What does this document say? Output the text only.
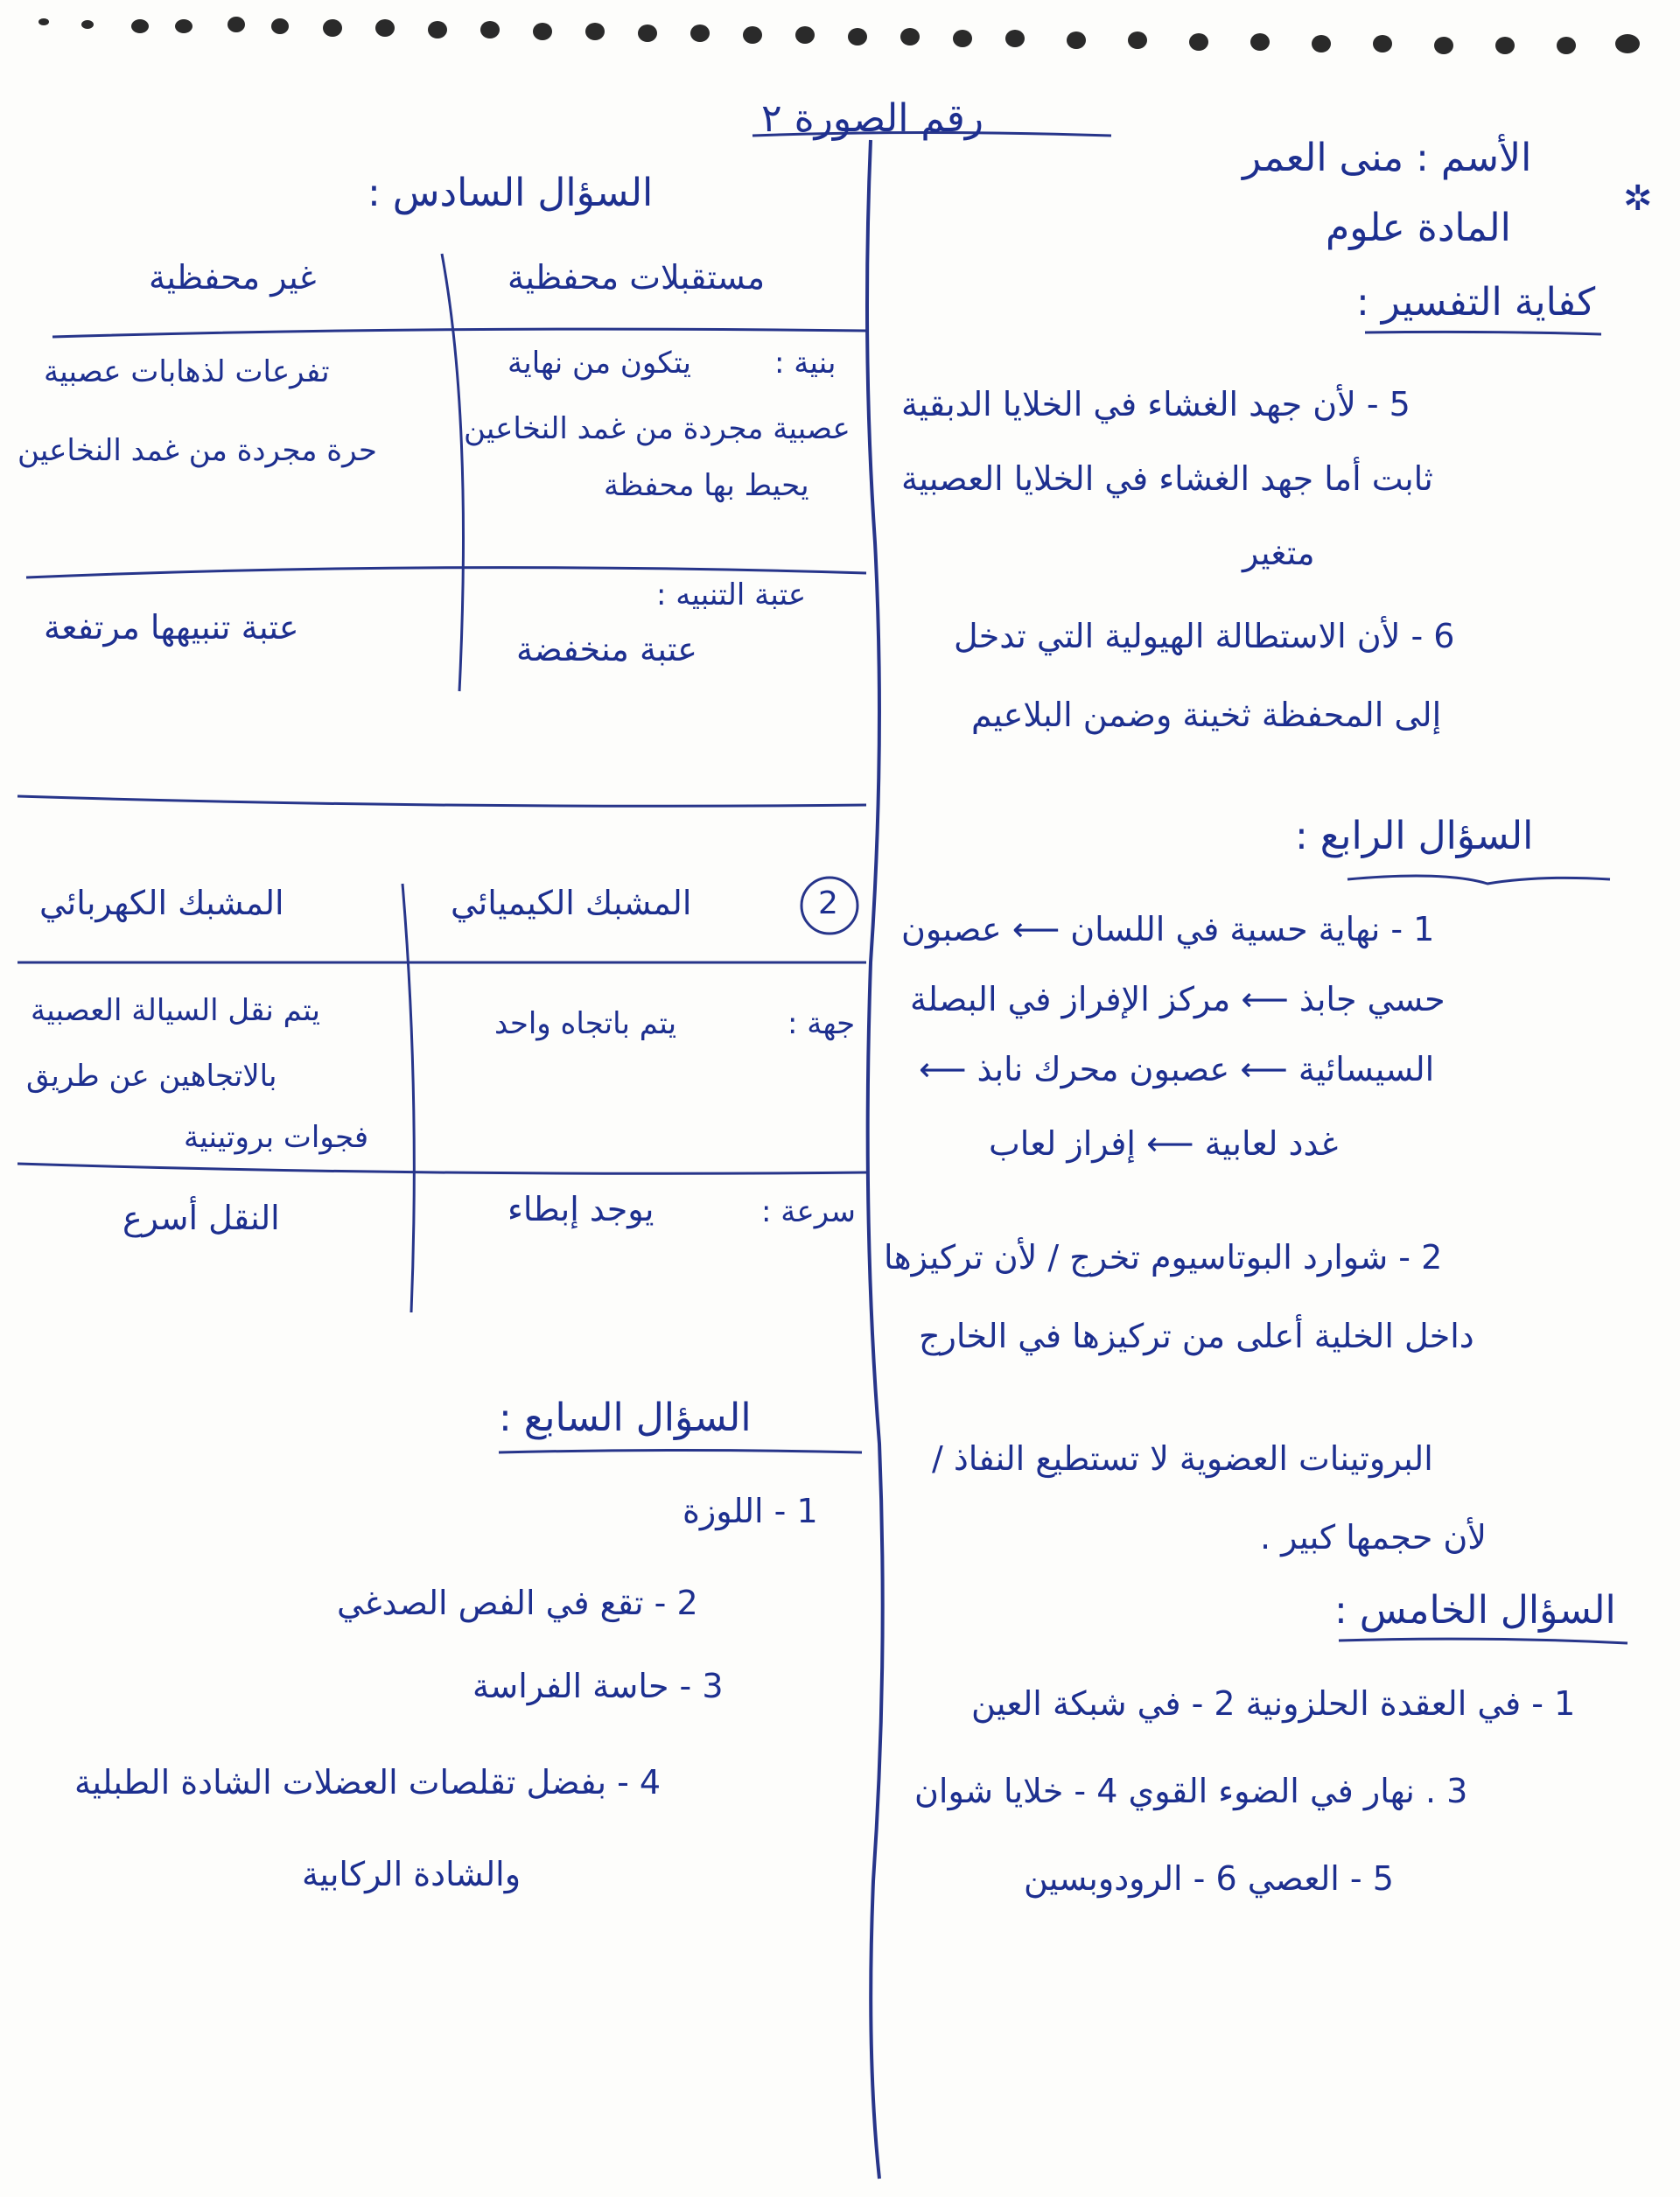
✲
رقم الصورة ٢
الأسم : منى العمر
المادة علوم
كفاية التفسير :
5 - لأن جهد الغشاء في الخلايا الدبقية
ثابت أما جهد الغشاء في الخلايا العصبية
متغير
6 - لأن الاستطالة الهيولية التي تدخل
إلى المحفظة ثخينة وضمن البلاعيم
السؤال الرابع :
1 - نهاية حسية في اللسان ⟵ عصبون
حسي جابذ ⟵ مركز الإفراز في البصلة
السيسائية ⟵ عصبون محرك نابذ ⟵
غدد لعابية ⟵ إفراز لعاب
2 - شوارد البوتاسيوم تخرج / لأن تركيزها
داخل الخلية أعلى من تركيزها في الخارج
البروتينات العضوية لا تستطيع النفاذ /
لأن حجمها كبير .
السؤال الخامس :
1 - في العقدة الحلزونية 2 - في شبكة العين
3 . نهار في الضوء القوي 4 - خلايا شوان
5 - العصي 6 - الرودوبسين
السؤال السادس :
مستقبلات محفظية
غير محفظية
بنية :
يتكون من نهاية
عصبية مجردة من غمد النخاعين
يحيط بها محفظة
تفرعات لذهابات عصبية
حرة مجردة من غمد النخاعين
عتبة التنبيه :
عتبة منخفضة
عتبة تنبيهها مرتفعة
2
المشبك الكيميائي
المشبك الكهربائي
جهة :
يتم باتجاه واحد
يتم نقل السيالة العصبية
بالاتجاهين عن طريق
فجوات بروتينية
سرعة :
يوجد إبطاء
النقل أسرع
السؤال السابع :
1 - اللوزة
2 - تقع في الفص الصدغي
3 - حاسة الفراسة
4 - بفضل تقلصات العضلات الشادة الطبلية
والشادة الركابية
